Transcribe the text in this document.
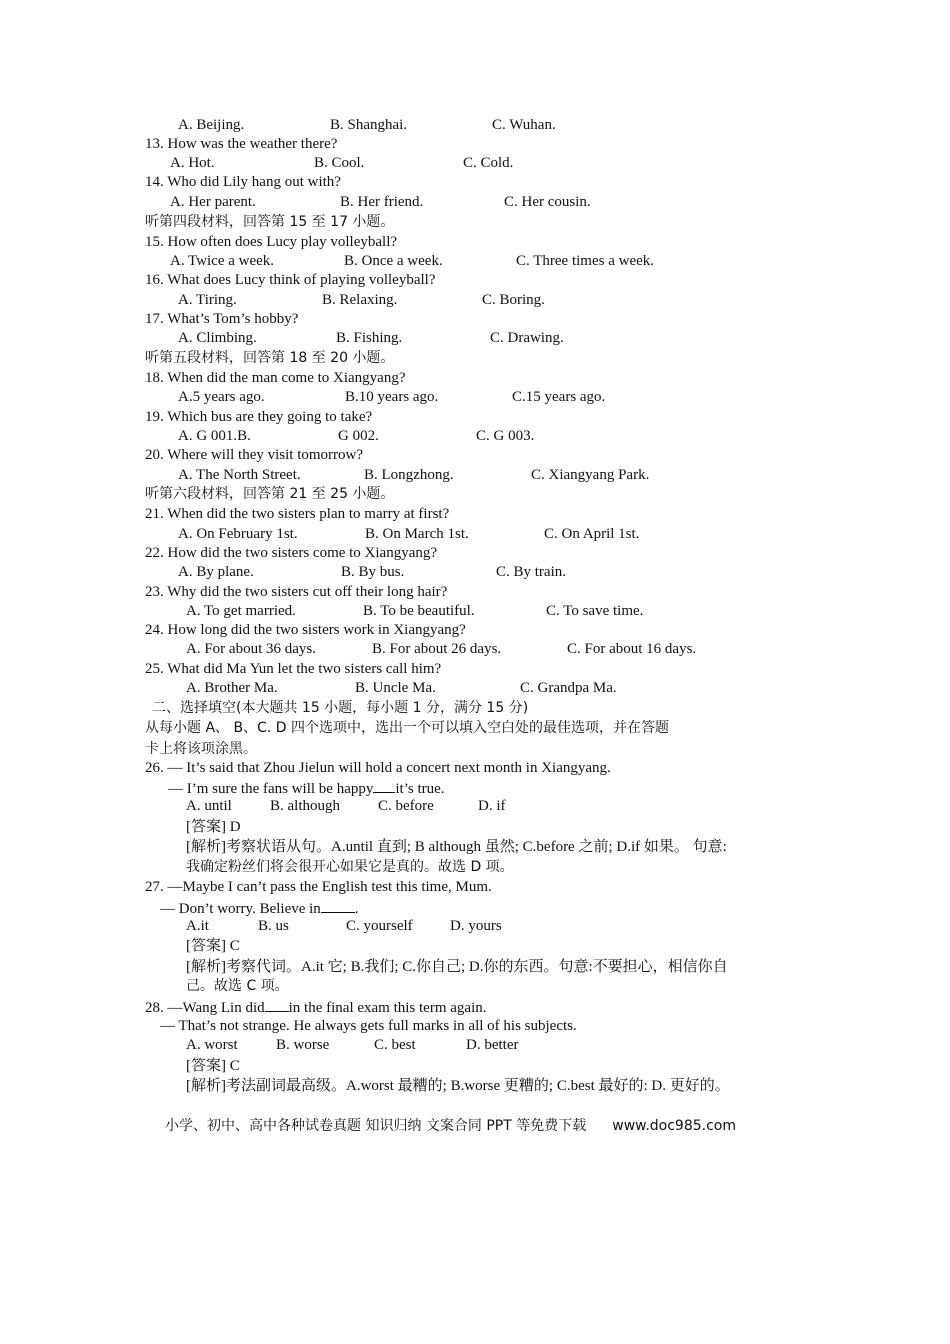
A. Beijing.	B. Shanghai.	C. Wuhan.
13. How was the weather there?
A. Hot.	B. Cool.	C. Cold.
14. Who did Lily hang out with?
A. Her parent.	B. Her friend.	C. Her cousin.
听第四段材料，回答第 15 至 17 小题。
15. How often does Lucy play volleyball?
A. Twice a week.	B. Once a week.	C. Three times a week.
16. What does Lucy think of playing volleyball?
A. Tiring.	B. Relaxing.	C. Boring.
17. What’s Tom’s hobby?
A. Climbing.	B. Fishing.	C. Drawing.
听第五段材料，回答第 18 至 20 小题。
18. When did the man come to Xiangyang?
A.5 years ago.	B.10 years ago.	C.15 years ago.
19. Which bus are they going to take?
A. G 001.B.	G 002.	C. G 003.
20. Where will they visit tomorrow?
A. The North Street.	B. Longzhong.	C. Xiangyang Park.
听第六段材料，回答第 21 至 25 小题。
21. When did the two sisters plan to marry at first?
A. On February 1st.	B. On March 1st.	C. On April 1st.
22. How did the two sisters come to Xiangyang?
A. By plane.	B. By bus.	C. By train.
23. Why did the two sisters cut off their long hair?
A. To get married.	B. To be beautiful.	C. To save time.
24. How long did the two sisters work in Xiangyang?
A. For about 36 days.	B. For about 26 days.	C. For about 16 days.
25. What did Ma Yun let the two sisters call him?
A. Brother Ma.	B. Uncle Ma.	C. Grandpa Ma.
二、选择填空(本大题共 15 小题，每小题 1 分，满分 15 分)
从每小题 A、 B、C. D 四个选项中，选出一个可以填入空白处的最佳选项，并在答题
卡上将该项涂黑。
26. — It’s said that Zhou Jielun will hold a concert next month in Xiangyang.
A. until	B. although	C. before	D. if
[答案] D
[解析]考察状语从句。A.until 直到; B although 虽然; C.before 之前; D.if 如果。 句意:
我确定粉丝们将会很开心如果它是真的。故选 D 项。
27. —Maybe I can’t pass the English test this time, Mum.
A.it	B. us	C. yourself D. yours
[答案] C
[解析]考察代词。A.it 它; B.我们; C.你自己; D.你的东西。句意:不要担心，相信你自
己。故选 C 项。
— That’s not strange. He always gets full marks in all of his subjects.
A. worst	B. worse	C. best	D. better
[答案] C
[解析]考法副词最高级。A.worst 最糟的; B.worse 更糟的; C.best 最好的: D. 更好的。
— I’m sure the fans will be happy it’s true.
— Don’t worry. Believe in .
28. —Wang Lin did in the final exam this term again.
小学、初中、高中各种试卷真题 知识归纳 文案合同 PPT 等免费下载 www.doc985.com
